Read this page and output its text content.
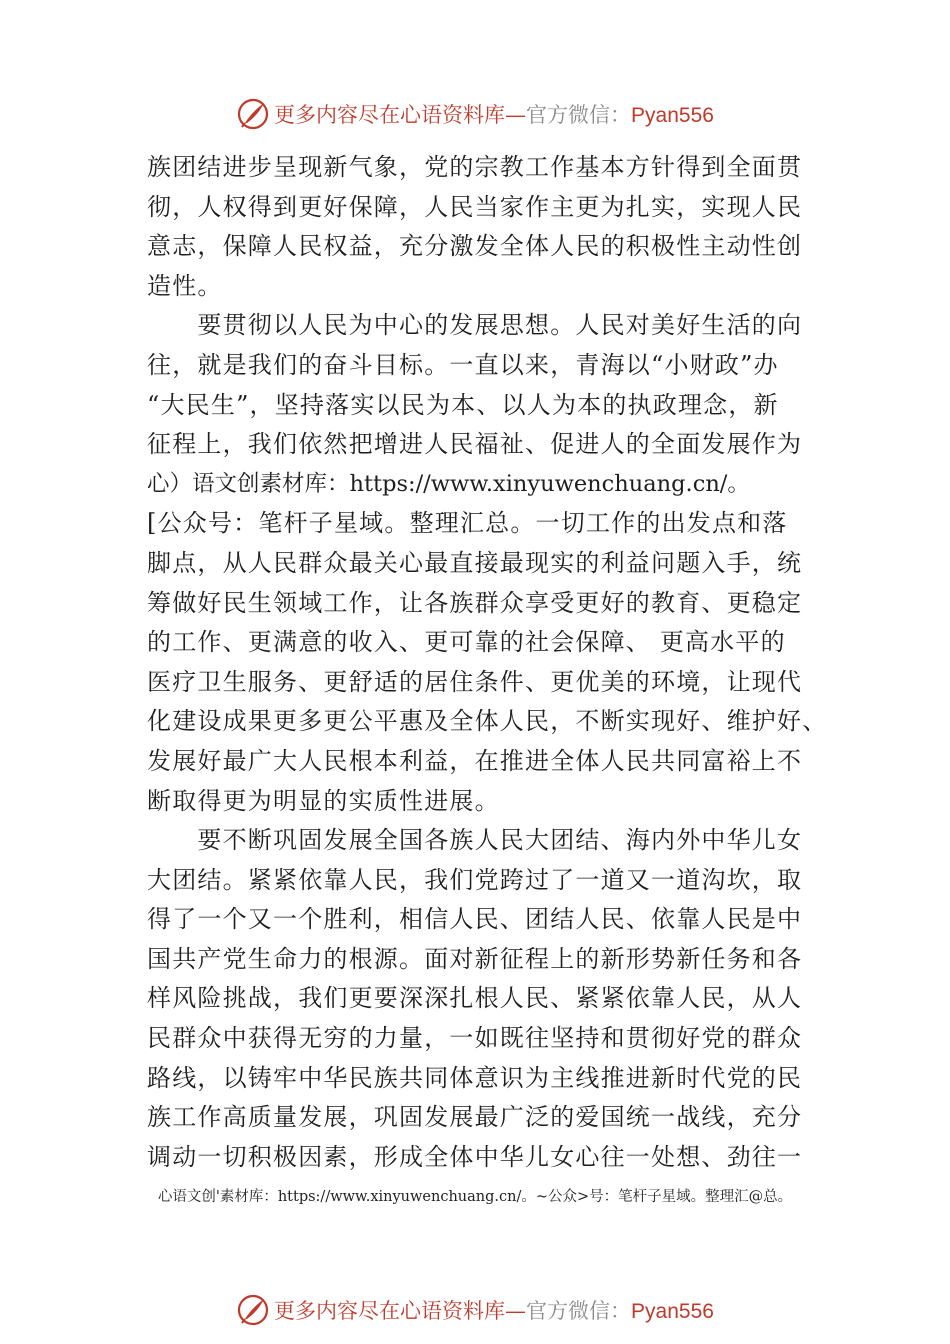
更多内容尽在心语资料库—官方微信：Pyan556
族团结进步呈现新气象，党的宗教工作基本方针得到全面贯
彻，人权得到更好保障，人民当家作主更为扎实，实现人民
意志，保障人民权益，充分激发全体人民的积极性主动性创
造性。
　　要贯彻以人民为中心的发展思想。人民对美好生活的向
往，就是我们的奋斗目标。一直以来，青海以“小财政”办
“大民生”，坚持落实以民为本、以人为本的执政理念，新
征程上，我们依然把增进人民福祉、促进人的全面发展作为
心）语文创素材库：https://www.xinyuwenchuang.cn/。
[公众号：笔杆子星域。整理汇总。一切工作的出发点和落
脚点，从人民群众最关心最直接最现实的利益问题入手，统
筹做好民生领域工作，让各族群众享受更好的教育、更稳定
的工作、更满意的收入、更可靠的社会保障、 更高水平的
医疗卫生服务、更舒适的居住条件、更优美的环境，让现代
化建设成果更多更公平惠及全体人民，不断实现好、维护好、
发展好最广大人民根本利益，在推进全体人民共同富裕上不
断取得更为明显的实质性进展。
　　要不断巩固发展全国各族人民大团结、海内外中华儿女
大团结。紧紧依靠人民，我们党跨过了一道又一道沟坎，取
得了一个又一个胜利，相信人民、团结人民、依靠人民是中
国共产党生命力的根源。面对新征程上的新形势新任务和各
样风险挑战，我们更要深深扎根人民、紧紧依靠人民，从人
民群众中获得无穷的力量，一如既往坚持和贯彻好党的群众
路线，以铸牢中华民族共同体意识为主线推进新时代党的民
族工作高质量发展，巩固发展最广泛的爱国统一战线，充分
调动一切积极因素，形成全体中华儿女心往一处想、劲往一
心语文创'素材库：https://www.xinyuwenchuang.cn/。~公众>号：笔杆子星域。整理汇@总。
更多内容尽在心语资料库—官方微信：Pyan556
